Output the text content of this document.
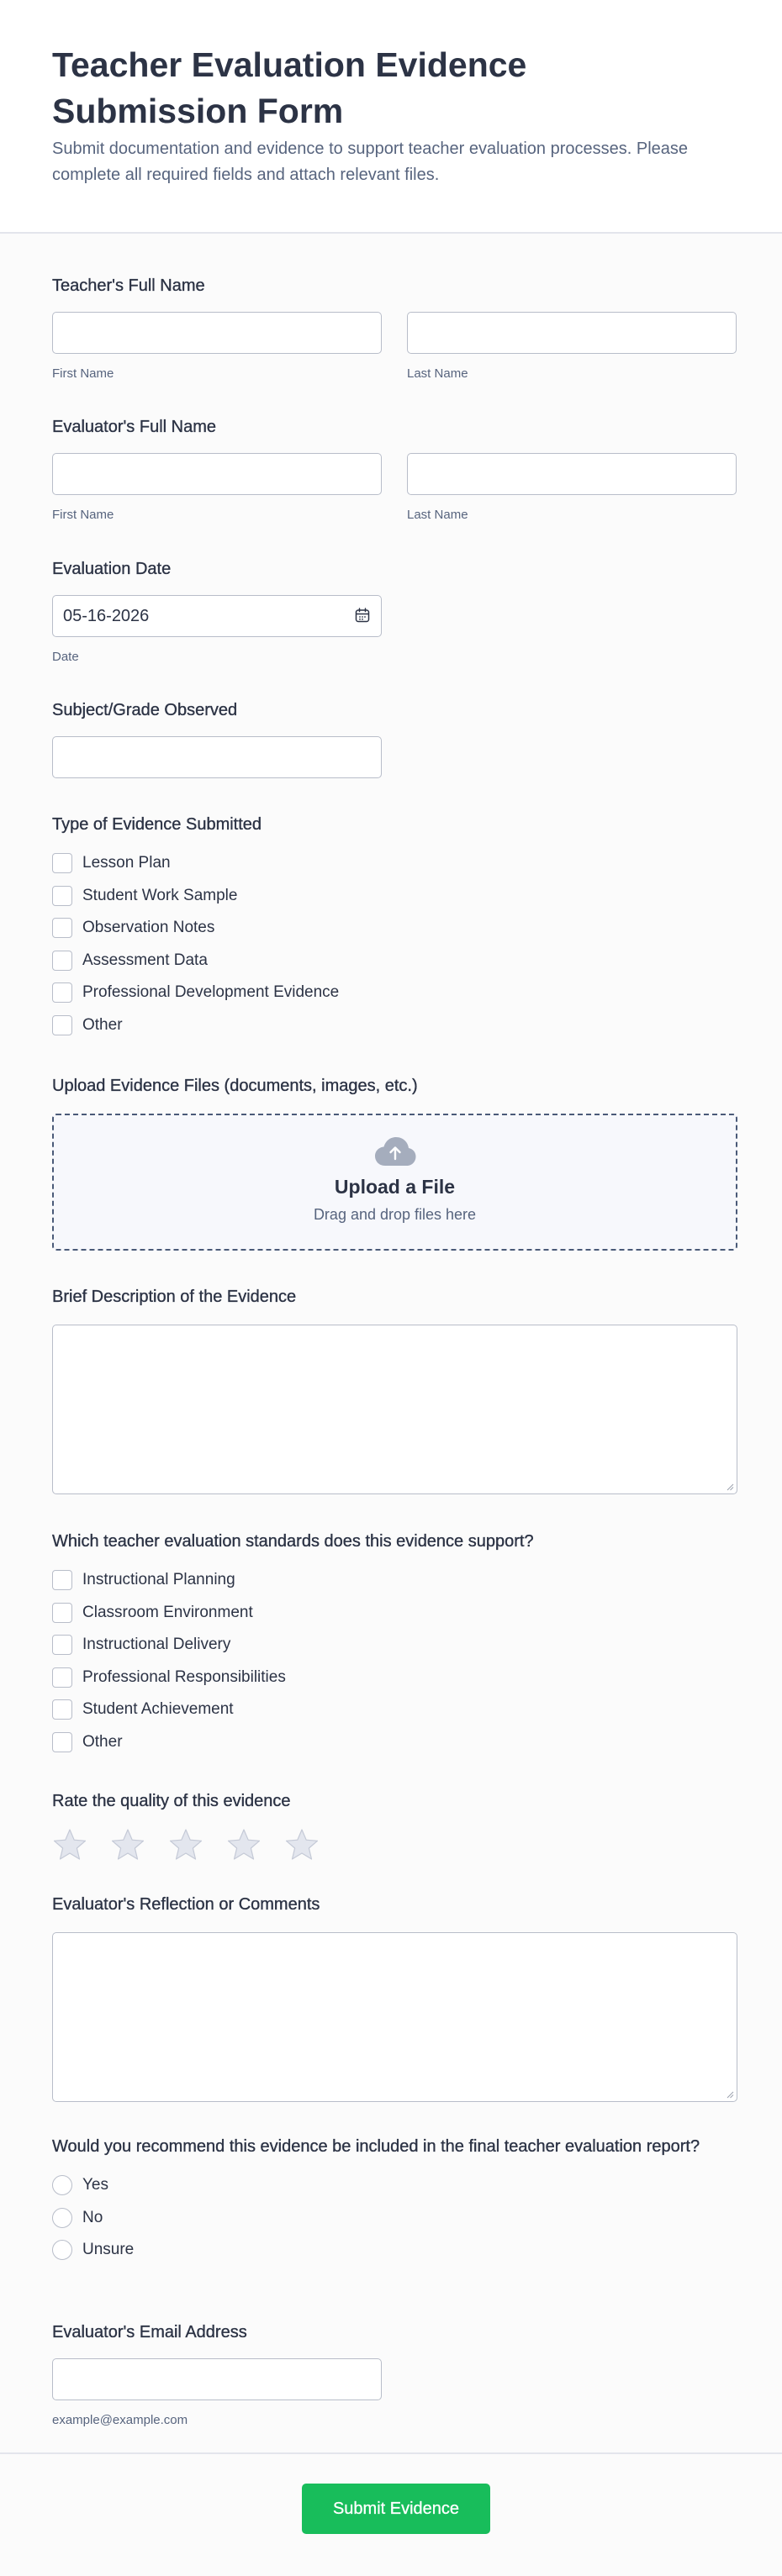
Teacher Evaluation Evidence Submission Form
Submit documentation and evidence to support teacher evaluation processes. Please complete all required fields and attach relevant files.
Teacher's Full Name
First Name	Last Name
Evaluator's Full Name
First Name	Last Name
Evaluation Date
05-16-2026
Date
Subject/Grade Observed
Type of Evidence Submitted
Lesson Plan
Student Work Sample
Observation Notes
Assessment Data
Professional Development Evidence
Other
Upload Evidence Files (documents, images, etc.)
Upload a File
Drag and drop files here
Brief Description of the Evidence
Which teacher evaluation standards does this evidence support?
Instructional Planning
Classroom Environment
Instructional Delivery
Professional Responsibilities
Student Achievement
Other
Rate the quality of this evidence
Evaluator's Reflection or Comments
Would you recommend this evidence be included in the final teacher evaluation report?
Yes
No
Unsure
Evaluator's Email Address
example@example.com
Submit Evidence
